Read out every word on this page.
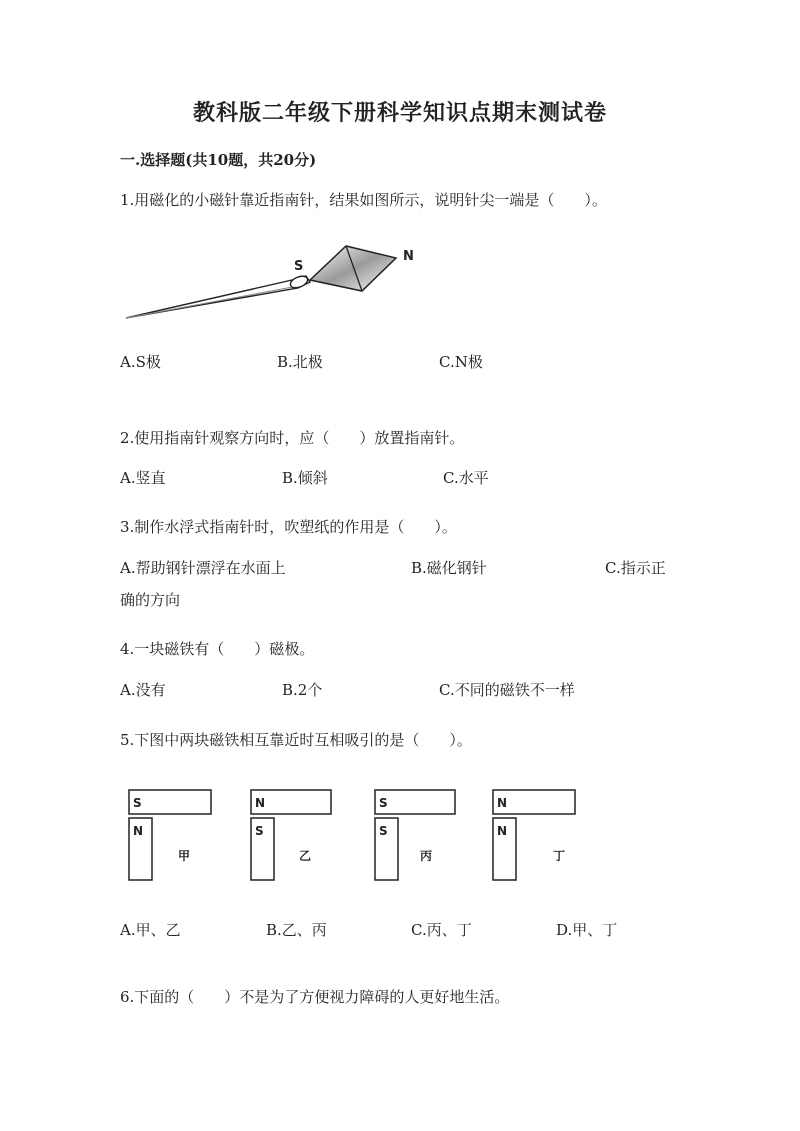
教科版二年级下册科学知识点期末测试卷
一.选择题(共10题，共20分)
1.用磁化的小磁针靠近指南针，结果如图所示，说明针尖一端是（　　）。
S
N
A.S极	B.北极	C.N极
2.使用指南针观察方向时，应（　　）放置指南针。
A.竖直	B.倾斜	C.水平
3.制作水浮式指南针时，吹塑纸的作用是（　　）。
A.帮助钢针漂浮在水面上	B.磁化钢针	C.指示正
确的方向
4.一块磁铁有（　　）磁极。
A.没有	B.2个	C.不同的磁铁不一样
5.下图中两块磁铁相互靠近时互相吸引的是（　　）。
S
N
甲
N
S
乙
S
S
丙
N
N
丁
A.甲、乙	B.乙、丙	C.丙、丁	D.甲、丁
6.下面的（　　）不是为了方便视力障碍的人更好地生活。
